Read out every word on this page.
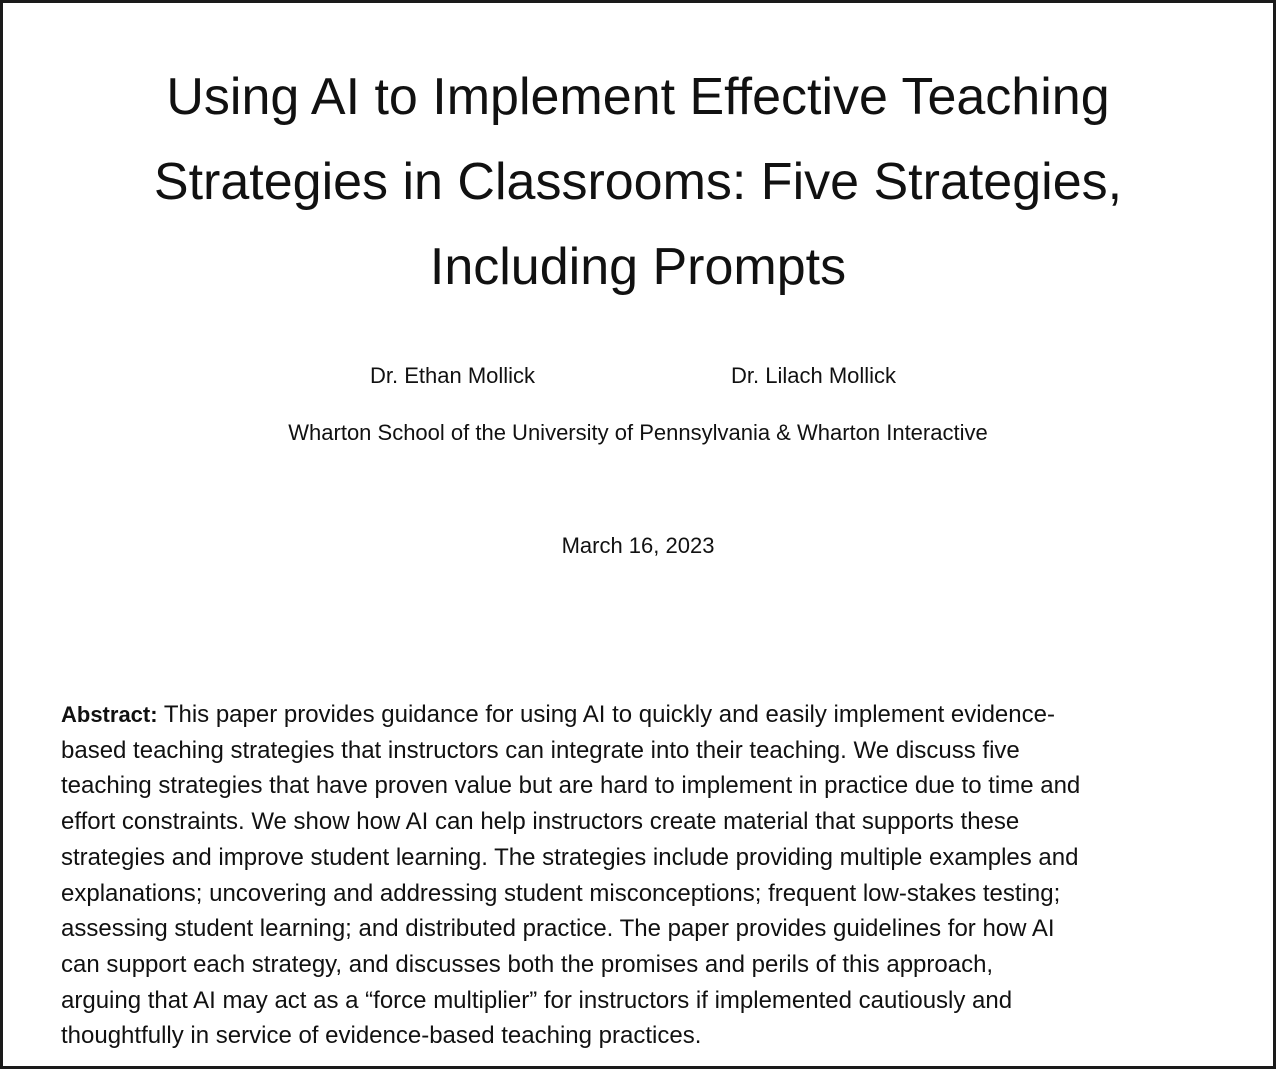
Using AI to Implement Effective Teaching
Strategies in Classrooms: Five Strategies,
Including Prompts
Dr. Ethan Mollick	Dr. Lilach Mollick
Wharton School of the University of Pennsylvania & Wharton Interactive
March 16, 2023
Abstract: This paper provides guidance for using AI to quickly and easily implement evidence-
based teaching strategies that instructors can integrate into their teaching. We discuss five
teaching strategies that have proven value but are hard to implement in practice due to time and
effort constraints. We show how AI can help instructors create material that supports these
strategies and improve student learning. The strategies include providing multiple examples and
explanations; uncovering and addressing student misconceptions; frequent low-stakes testing;
assessing student learning; and distributed practice. The paper provides guidelines for how AI
can support each strategy, and discusses both the promises and perils of this approach,
arguing that AI may act as a “force multiplier” for instructors if implemented cautiously and
thoughtfully in service of evidence-based teaching practices.
